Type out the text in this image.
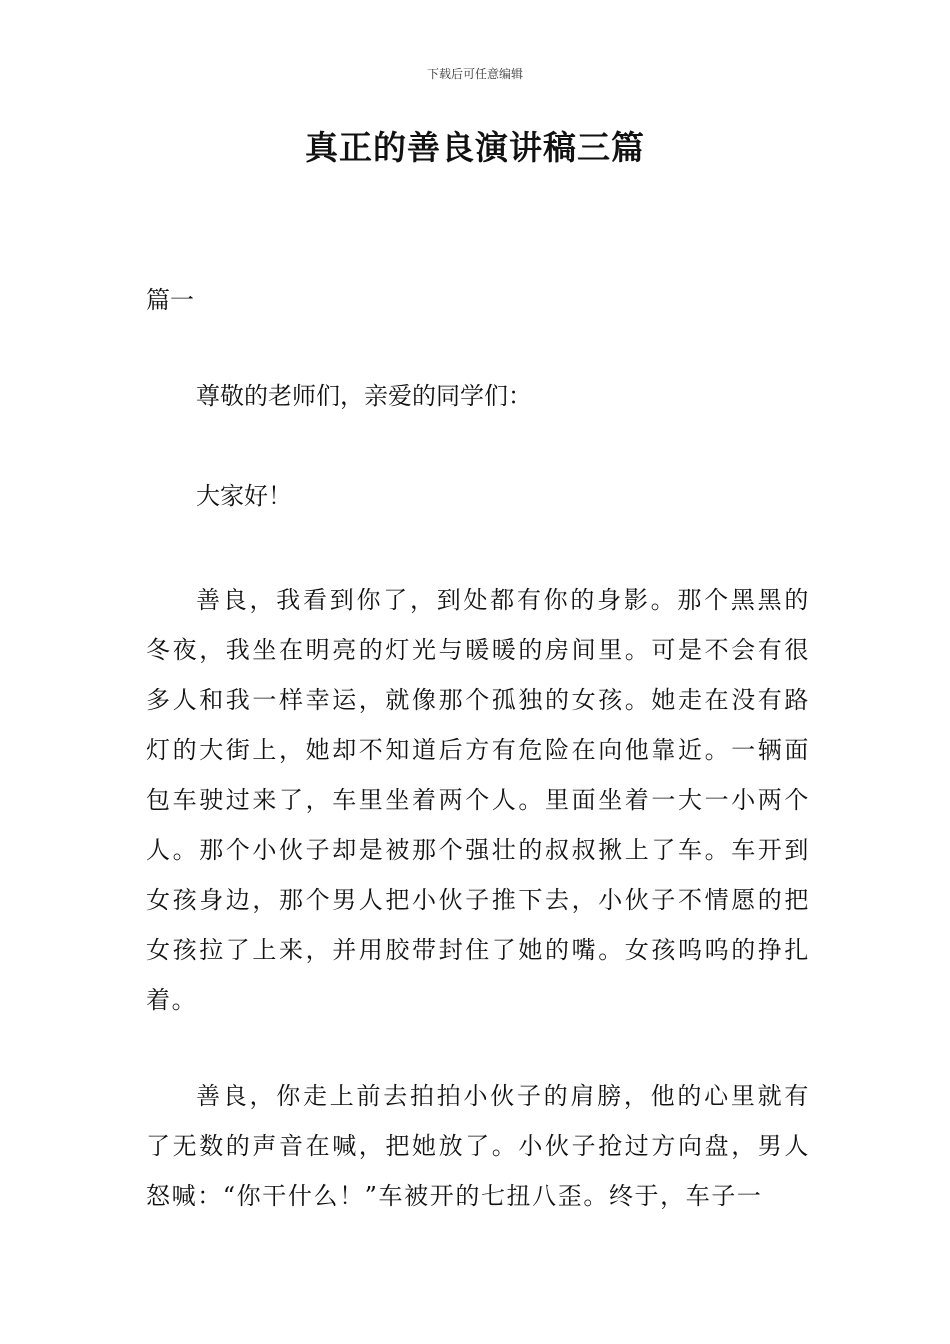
下载后可任意编辑
真正的善良演讲稿三篇

篇一

尊敬的老师们，亲爱的同学们：

大家好！

善良，我看到你了，到处都有你的身影。那个黑黑的冬夜，我坐在明亮的灯光与暖暖的房间里。可是不会有很多人和我一样幸运，就像那个孤独的女孩。她走在没有路灯的大街上，她却不知道后方有危险在向他靠近。一辆面包车驶过来了，车里坐着两个人。里面坐着一大一小两个人。那个小伙子却是被那个强壮的叔叔揪上了车。车开到女孩身边，那个男人把小伙子推下去，小伙子不情愿的把女孩拉了上来，并用胶带封住了她的嘴。女孩呜呜的挣扎着。

善良，你走上前去拍拍小伙子的肩膀，他的心里就有了无数的声音在喊，把她放了。小伙子抢过方向盘，男人怒喊：“你干什么！”车被开的七扭八歪。终于，车子一
